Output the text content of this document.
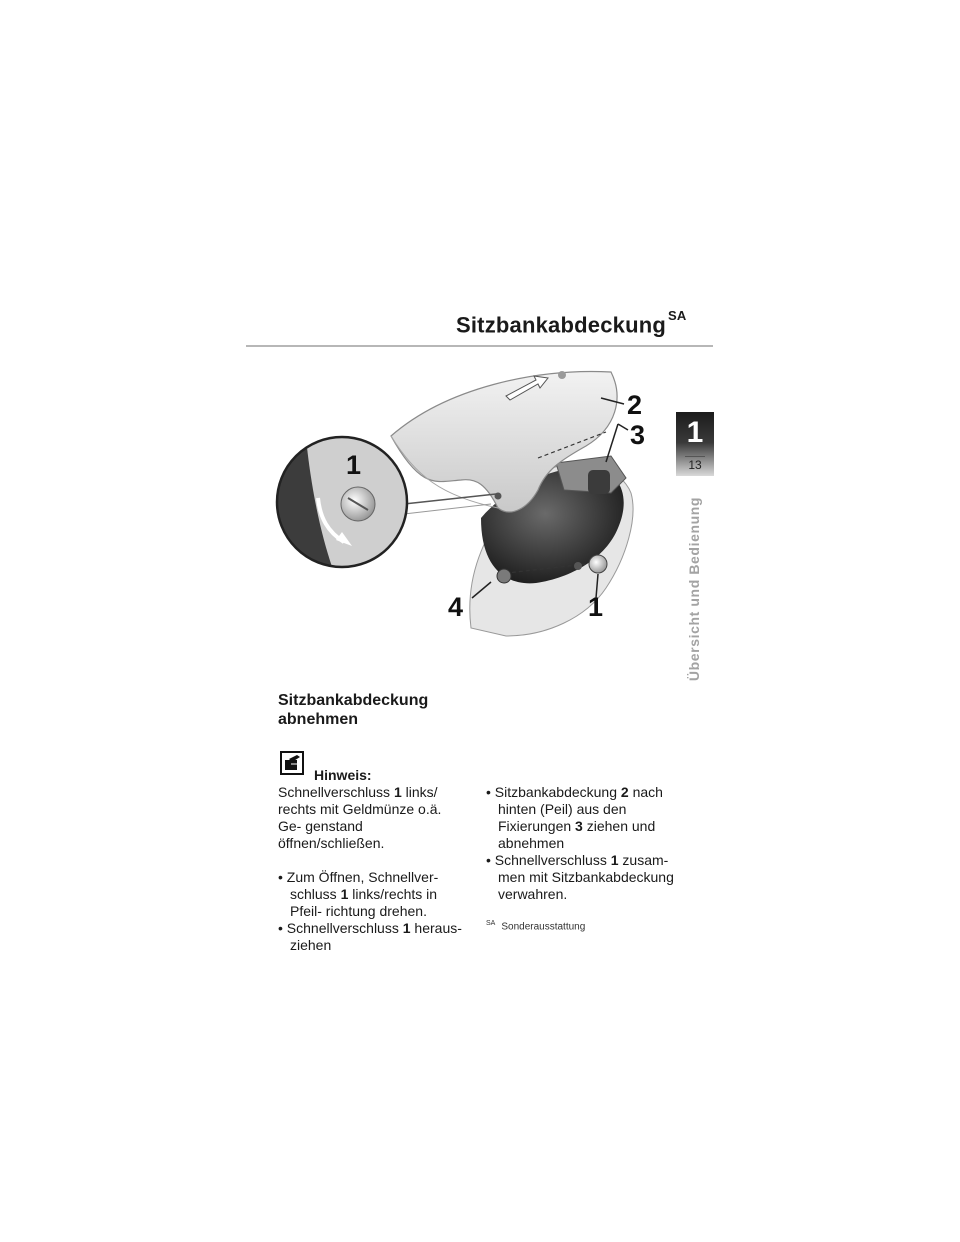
Sitzbankabdeckung $^{SA}$
1
13
Übersicht und Bedienung
1
2
3
4	1
Sitzbankabdeckung
abnehmen
Hinweis:

Schnellverschluss 1 links/ rechts mit Geldmünze o.ä. Ge- genstand öffnen/schließen.

• Zum Öffnen, Schnellver- schluss 1 links/rechts in Pfeil- richtung drehen.

• Schnellverschluss 1 heraus- ziehen

• Sitzbankabdeckung 2 nach hinten (Peil) aus den Fixierungen 3 ziehen und abnehmen

• Schnellverschluss 1 zusam- men mit Sitzbankabdeckung verwahren.

$^{SA}$ Sonderausstattung
